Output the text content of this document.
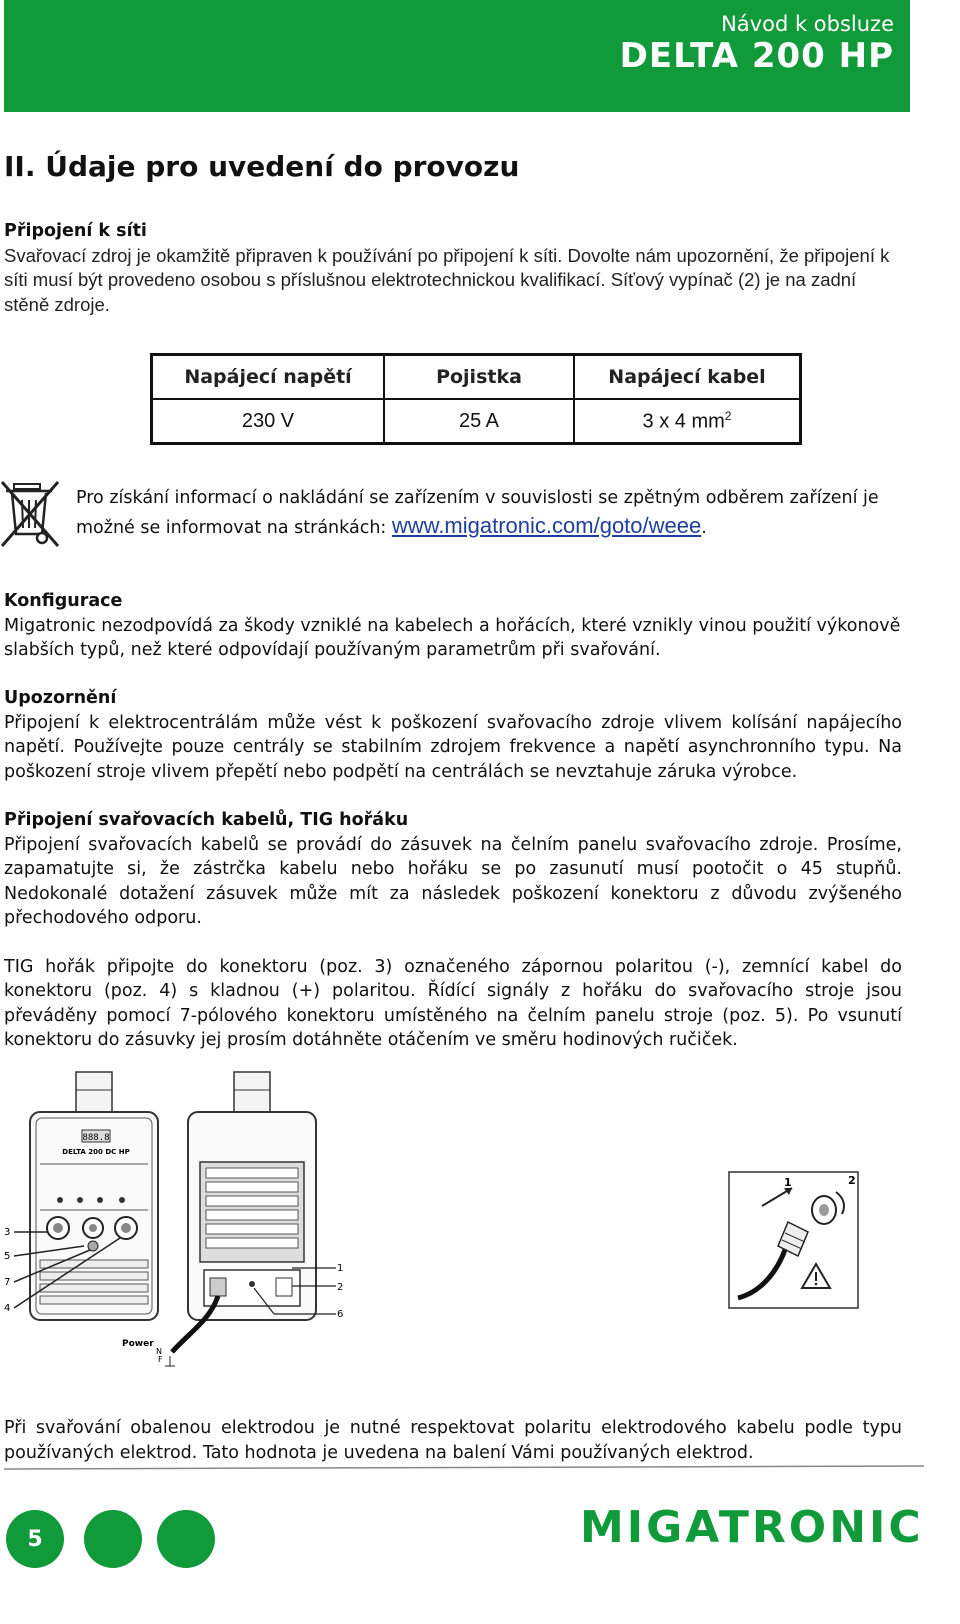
Návod k obsluze
DELTA 200 HP
II. Údaje pro uvedení do provozu
Připojení k síti

Svařovací zdroj je okamžitě připraven k používání po připojení k síti. Dovolte nám upozornění, že připojení k síti musí být provedeno osobou s příslušnou elektrotechnickou kvalifikací. Síťový vypínač (2) je na zadní stěně zdroje.

Napájecí napětí	Pojistka	Napájecí kabel
230 V	25 A	3 x 4 $mm^2$
Pro získání informací o nakládání se zařízením v souvislosti se zpětným odběrem zařízení je možné se informovat na stránkách: www.migatronic.com/goto/weee.
Konfigurace

Migatronic nezodpovídá za škody vzniklé na kabelech a hořácích, které vznikly vinou použití výkonově slabších typů, než které odpovídají používaným parametrům při svařování.

Upozornění

Připojení k elektrocentrálám může vést k poškození svařovacího zdroje vlivem kolísání napájecího napětí. Používejte pouze centrály se stabilním zdrojem frekvence a napětí asynchronního typu. Na poškození stroje vlivem přepětí nebo podpětí na centrálách se nevztahuje záruka výrobce.

Připojení svařovacích kabelů, TIG hořáku

Připojení svařovacích kabelů se provádí do zásuvek na čelním panelu svařovacího zdroje. Prosíme, zapamatujte si, že zástrčka kabelu nebo hořáku se po zasunutí musí pootočit o 45 stupňů. Nedokonalé dotažení zásuvek může mít za následek poškození konektoru z důvodu zvýšeného přechodového odporu.

TIG hořák připojte do konektoru (poz. 3) označeného zápornou polaritou (-), zemnící kabel do konektoru (poz. 4) s kladnou (+) polaritou. Řídící signály z hořáku do svařovacího stroje jsou převáděny pomocí 7-pólového konektoru umístěného na čelním panelu stroje (poz. 5). Po vsunutí konektoru do zásuvky jej prosím dotáhněte otáčením ve směru hodinových ručiček.

888.8
DELTA 200 DC HP
3
5
7
4
1
2
6
Power
N
F
1	2
Při svařování obalenou elektrodou je nutné respektovat polaritu elektrodového kabelu podle typu používaných elektrod. Tato hodnota je uvedena na balení Vámi používaných elektrod.
5	MIGATRONIC
